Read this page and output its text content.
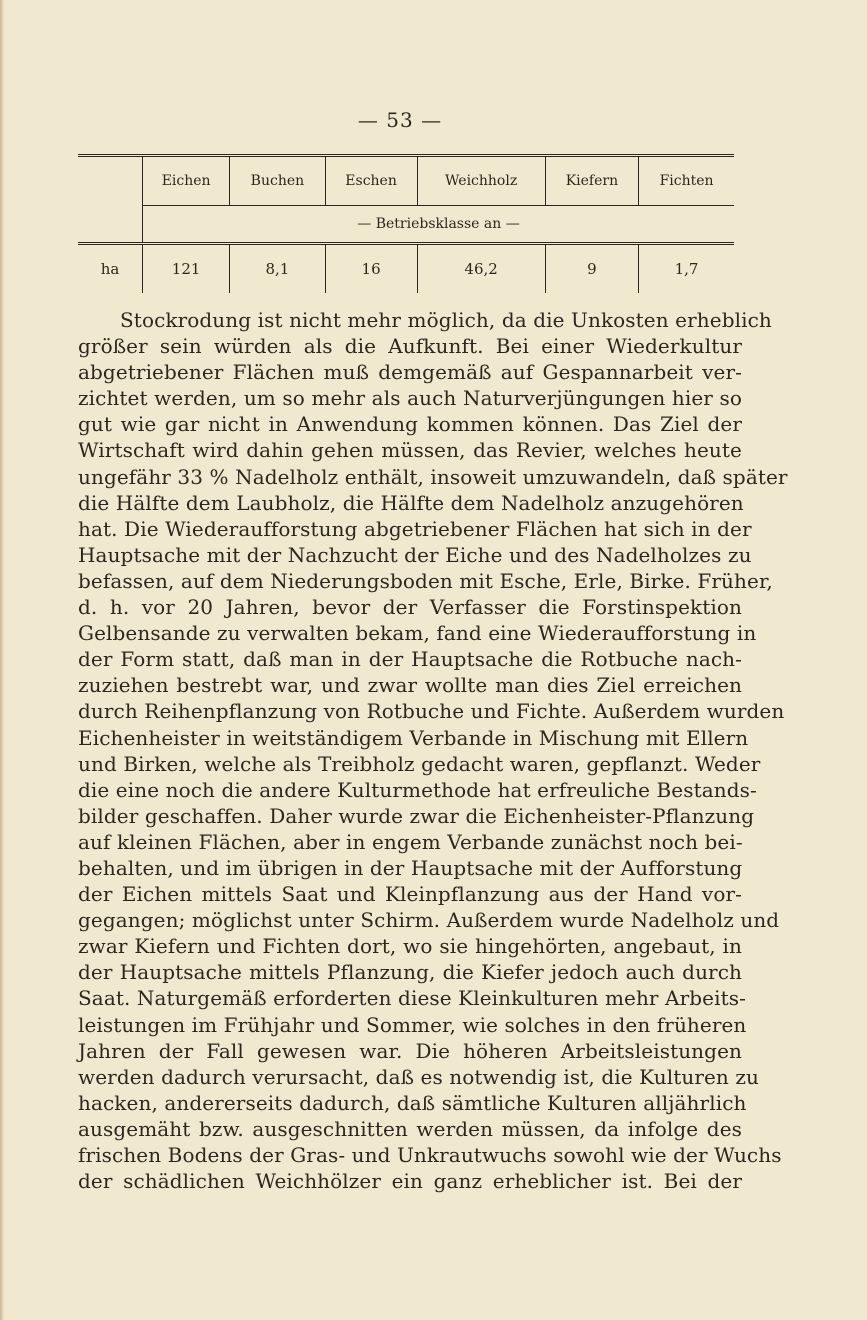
— 53 —
	Eichen	Buchen	Eschen	Weichholz	Kiefern	Fichten
	— Betriebsklasse an —					
ha	121	8,1	16	46,2	9	1,7
Stockrodung ist nicht mehr möglich, da die Unkosten erheblich
größer sein würden als die Aufkunft. Bei einer Wiederkultur
abgetriebener Flächen muß demgemäß auf Gespannarbeit ver-
zichtet werden, um so mehr als auch Naturverjüngungen hier so
gut wie gar nicht in Anwendung kommen können. Das Ziel der
Wirtschaft wird dahin gehen müssen, das Revier, welches heute
ungefähr 33 % Nadelholz enthält, insoweit umzuwandeln, daß später
die Hälfte dem Laubholz, die Hälfte dem Nadelholz anzugehören
hat. Die Wiederaufforstung abgetriebener Flächen hat sich in der
Hauptsache mit der Nachzucht der Eiche und des Nadelholzes zu
befassen, auf dem Niederungsboden mit Esche, Erle, Birke. Früher,
d. h. vor 20 Jahren, bevor der Verfasser die Forstinspektion
Gelbensande zu verwalten bekam, fand eine Wiederaufforstung in
der Form statt, daß man in der Hauptsache die Rotbuche nach-
zuziehen bestrebt war, und zwar wollte man dies Ziel erreichen
durch Reihenpflanzung von Rotbuche und Fichte. Außerdem wurden
Eichenheister in weitständigem Verbande in Mischung mit Ellern
und Birken, welche als Treibholz gedacht waren, gepflanzt. Weder
die eine noch die andere Kulturmethode hat erfreuliche Bestands-
bilder geschaffen. Daher wurde zwar die Eichenheister-Pflanzung
auf kleinen Flächen, aber in engem Verbande zunächst noch bei-
behalten, und im übrigen in der Hauptsache mit der Aufforstung
der Eichen mittels Saat und Kleinpflanzung aus der Hand vor-
gegangen; möglichst unter Schirm. Außerdem wurde Nadelholz und
zwar Kiefern und Fichten dort, wo sie hingehörten, angebaut, in
der Hauptsache mittels Pflanzung, die Kiefer jedoch auch durch
Saat. Naturgemäß erforderten diese Kleinkulturen mehr Arbeits-
leistungen im Frühjahr und Sommer, wie solches in den früheren
Jahren der Fall gewesen war. Die höheren Arbeitsleistungen
werden dadurch verursacht, daß es notwendig ist, die Kulturen zu
hacken, andererseits dadurch, daß sämtliche Kulturen alljährlich
ausgemäht bzw. ausgeschnitten werden müssen, da infolge des
frischen Bodens der Gras- und Unkrautwuchs sowohl wie der Wuchs
der schädlichen Weichhölzer ein ganz erheblicher ist. Bei der
